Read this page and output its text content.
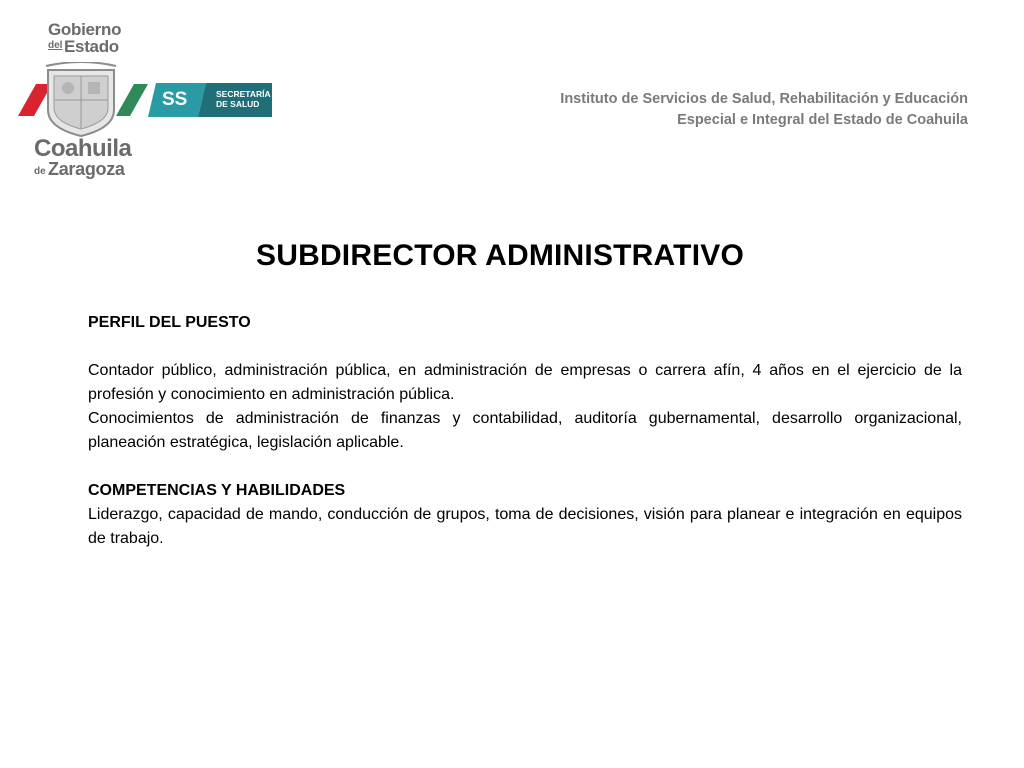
Gobierno
del Estado
Coahuila
de Zaragoza
SS	SECRETARÍA
DE SALUD	Instituto de Servicios de Salud, Rehabilitación y Educación
Especial e Integral del Estado de Coahuila
SUBDIRECTOR ADMINISTRATIVO
PERFIL DEL PUESTO

Contador público, administración pública, en administración de empresas o carrera afín, 4 años en el ejercicio de la profesión y conocimiento en administración pública.

Conocimientos de administración de finanzas y contabilidad, auditoría gubernamental, desarrollo organizacional, planeación estratégica, legislación aplicable.

COMPETENCIAS Y HABILIDADES

Liderazgo, capacidad de mando, conducción de grupos, toma de decisiones, visión para planear e integración en equipos de trabajo.
